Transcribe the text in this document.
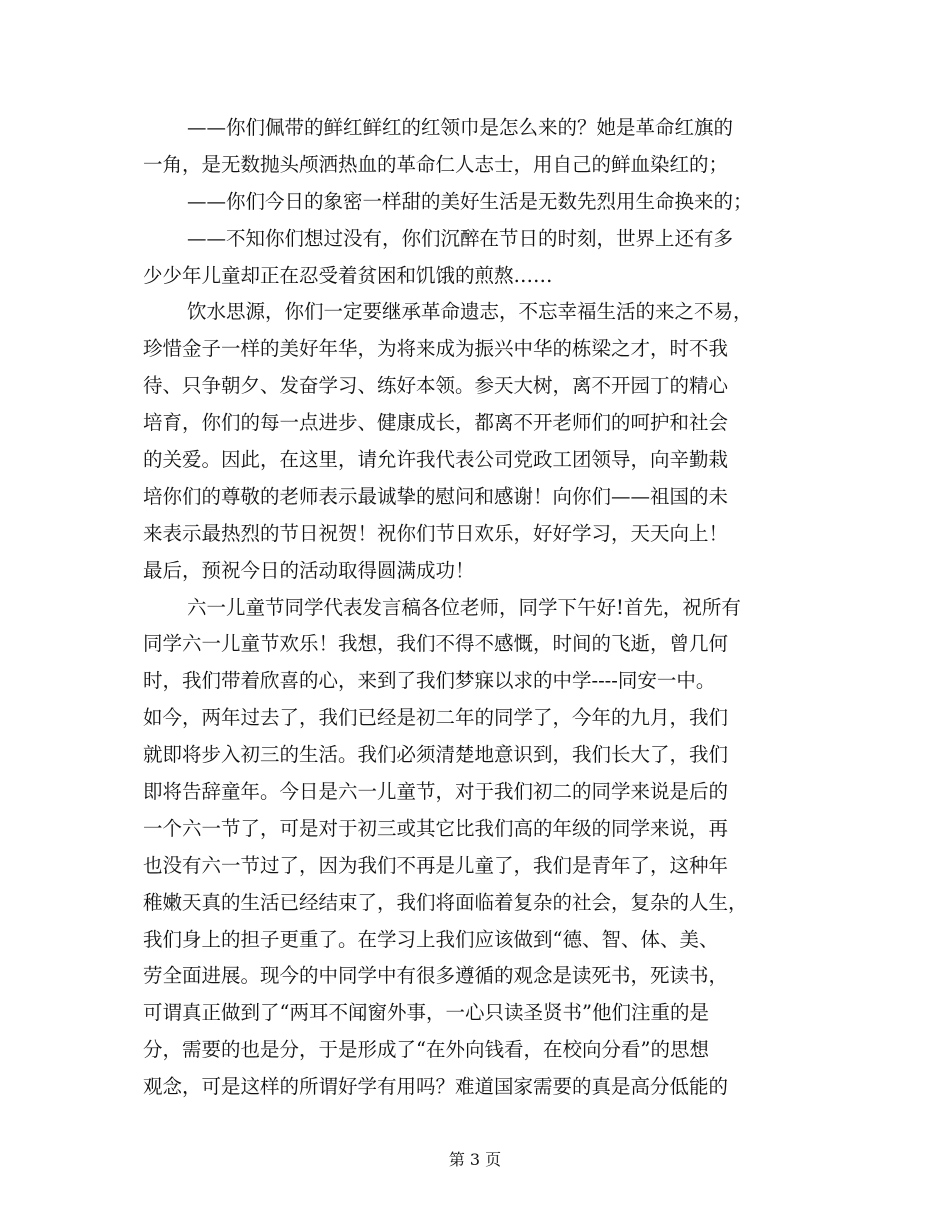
——你们佩带的鲜红鲜红的红领巾是怎么来的？她是革命红旗的
一角，是无数抛头颅洒热血的革命仁人志士，用自己的鲜血染红的；
——你们今日的象密一样甜的美好生活是无数先烈用生命换来的；
——不知你们想过没有，你们沉醉在节日的时刻，世界上还有多
少少年儿童却正在忍受着贫困和饥饿的煎熬……
饮水思源，你们一定要继承革命遗志，不忘幸福生活的来之不易，
珍惜金子一样的美好年华，为将来成为振兴中华的栋梁之才，时不我
待、只争朝夕、发奋学习、练好本领。参天大树，离不开园丁的精心
培育，你们的每一点进步、健康成长，都离不开老师们的呵护和社会
的关爱。因此，在这里，请允许我代表公司党政工团领导，向辛勤栽
培你们的尊敬的老师表示最诚挚的慰问和感谢！向你们——祖国的未
来表示最热烈的节日祝贺！祝你们节日欢乐，好好学习，天天向上！
最后，预祝今日的活动取得圆满成功！
六一儿童节同学代表发言稿各位老师，同学下午好!首先，祝所有
同学六一儿童节欢乐！我想，我们不得不感慨，时间的飞逝，曾几何
时，我们带着欣喜的心，来到了我们梦寐以求的中学----同安一中。
如今，两年过去了，我们已经是初二年的同学了，今年的九月，我们
就即将步入初三的生活。我们必须清楚地意识到，我们长大了，我们
即将告辞童年。今日是六一儿童节，对于我们初二的同学来说是后的
一个六一节了，可是对于初三或其它比我们高的年级的同学来说，再
也没有六一节过了，因为我们不再是儿童了，我们是青年了，这种年
稚嫩天真的生活已经结束了，我们将面临着复杂的社会，复杂的人生，
我们身上的担子更重了。在学习上我们应该做到“德、智、体、美、
劳全面进展。现今的中同学中有很多遵循的观念是读死书，死读书，
可谓真正做到了“两耳不闻窗外事，一心只读圣贤书”他们注重的是
分，需要的也是分，于是形成了“在外向钱看，在校向分看”的思想
观念，可是这样的所谓好学有用吗？难道国家需要的真是高分低能的
第 3 页
